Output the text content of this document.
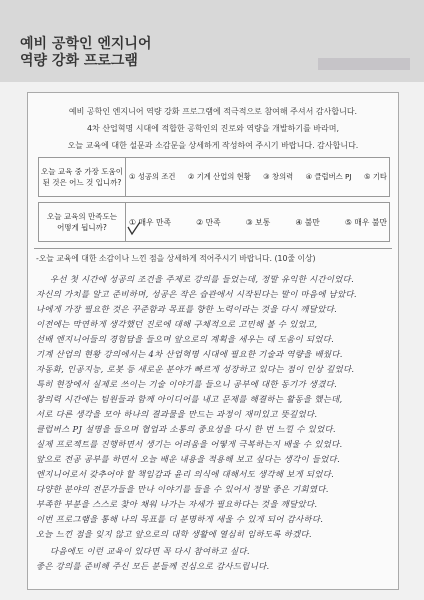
예비 공학인 엔지니어
역량 강화 프로그램
예비 공학인 엔지니어 역량 강화 프로그램에 적극적으로 참여해 주셔서 감사합니다.
4차 산업혁명 시대에 적합한 공학인의 진로와 역량을 개발하기를 바라며,
오늘 교육에 대한 설문과 소감문을 상세하게 작성하여 주시기 바랍니다. 감사합니다.
오늘 교육 중 가장 도움이
된 것은 어느 것 입니까?
① 성공의 조건 ② 기계 산업의 현황 ③ 창의력 ④ 클럽버스 PJ ⑤ 기타
오늘 교육의 만족도는
어떻게 됩니까?
① 매우 만족	② 만족	③ 보통	④ 불만	⑤ 매우 불만
-오늘 교육에 대한 소감이나 느낀 점을 상세하게 적어주시기 바랍니다. (10줄 이상)
우선 첫 시간에 성공의 조건을 주제로 강의를 들었는데, 정말 유익한 시간이었다.
자신의 가치를 알고 준비하며, 성공은 작은 습관에서 시작된다는 말이 마음에 남았다.
나에게 가장 필요한 것은 꾸준함과 목표를 향한 노력이라는 것을 다시 깨달았다.
이전에는 막연하게 생각했던 진로에 대해 구체적으로 고민해 볼 수 있었고,
선배 엔지니어들의 경험담을 들으며 앞으로의 계획을 세우는 데 도움이 되었다.
기계 산업의 현황 강의에서는 4차 산업혁명 시대에 필요한 기술과 역량을 배웠다.
자동화, 인공지능, 로봇 등 새로운 분야가 빠르게 성장하고 있다는 점이 인상 깊었다.
특히 현장에서 실제로 쓰이는 기술 이야기를 들으니 공부에 대한 동기가 생겼다.
창의력 시간에는 팀원들과 함께 아이디어를 내고 문제를 해결하는 활동을 했는데,
서로 다른 생각을 모아 하나의 결과물을 만드는 과정이 재미있고 뜻깊었다.
클럽버스 PJ 설명을 들으며 협업과 소통의 중요성을 다시 한 번 느낄 수 있었다.
실제 프로젝트를 진행하면서 생기는 어려움을 어떻게 극복하는지 배울 수 있었다.
앞으로 전공 공부를 하면서 오늘 배운 내용을 적용해 보고 싶다는 생각이 들었다.
엔지니어로서 갖추어야 할 책임감과 윤리 의식에 대해서도 생각해 보게 되었다.
다양한 분야의 전문가들을 만나 이야기를 들을 수 있어서 정말 좋은 기회였다.
부족한 부분을 스스로 찾아 채워 나가는 자세가 필요하다는 것을 깨달았다.
이번 프로그램을 통해 나의 목표를 더 분명하게 세울 수 있게 되어 감사하다.
오늘 느낀 점을 잊지 않고 앞으로의 대학 생활에 열심히 임하도록 하겠다.
다음에도 이런 교육이 있다면 꼭 다시 참여하고 싶다.
좋은 강의를 준비해 주신 모든 분들께 진심으로 감사드립니다.
